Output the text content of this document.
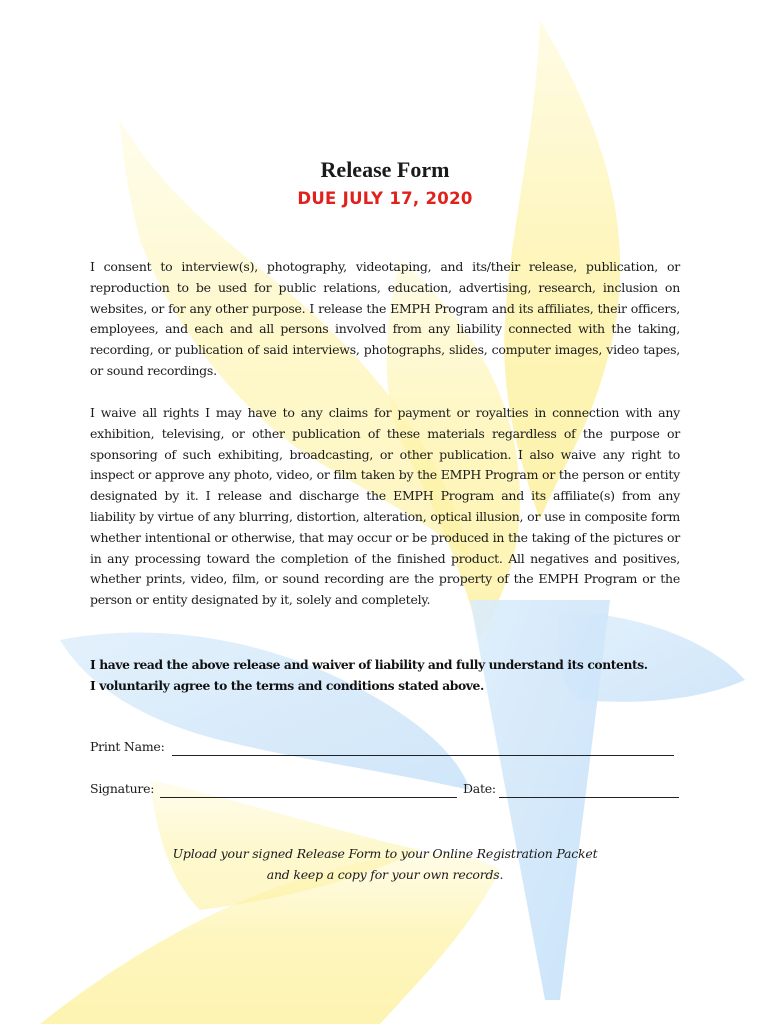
Release Form

DUE JULY 17, 2020

I consent to interview(s), photography, videotaping, and its/their release, publication, or reproduction to be used for public relations, education, advertising, research, inclusion on websites, or for any other purpose. I release the EMPH Program and its affiliates, their officers, employees, and each and all persons involved from any liability connected with the taking, recording, or publication of said interviews, photographs, slides, computer images, video tapes, or sound recordings.

I waive all rights I may have to any claims for payment or royalties in connection with any exhibition, televising, or other publication of these materials regardless of the purpose or sponsoring of such exhibiting, broadcasting, or other publication. I also waive any right to inspect or approve any photo, video, or film taken by the EMPH Program or the person or entity designated by it. I release and discharge the EMPH Program and its affiliate(s) from any liability by virtue of any blurring, distortion, alteration, optical illusion, or use in composite form whether intentional or otherwise, that may occur or be produced in the taking of the pictures or in any processing toward the completion of the finished product. All negatives and positives, whether prints, video, film, or sound recording are the property of the EMPH Program or the person or entity designated by it, solely and completely.

I have read the above release and waiver of liability and fully understand its contents.
I voluntarily agree to the terms and conditions stated above.
Print Name:
Signature:	Date:
Upload your signed Release Form to your Online Registration Packet
and keep a copy for your own records.
